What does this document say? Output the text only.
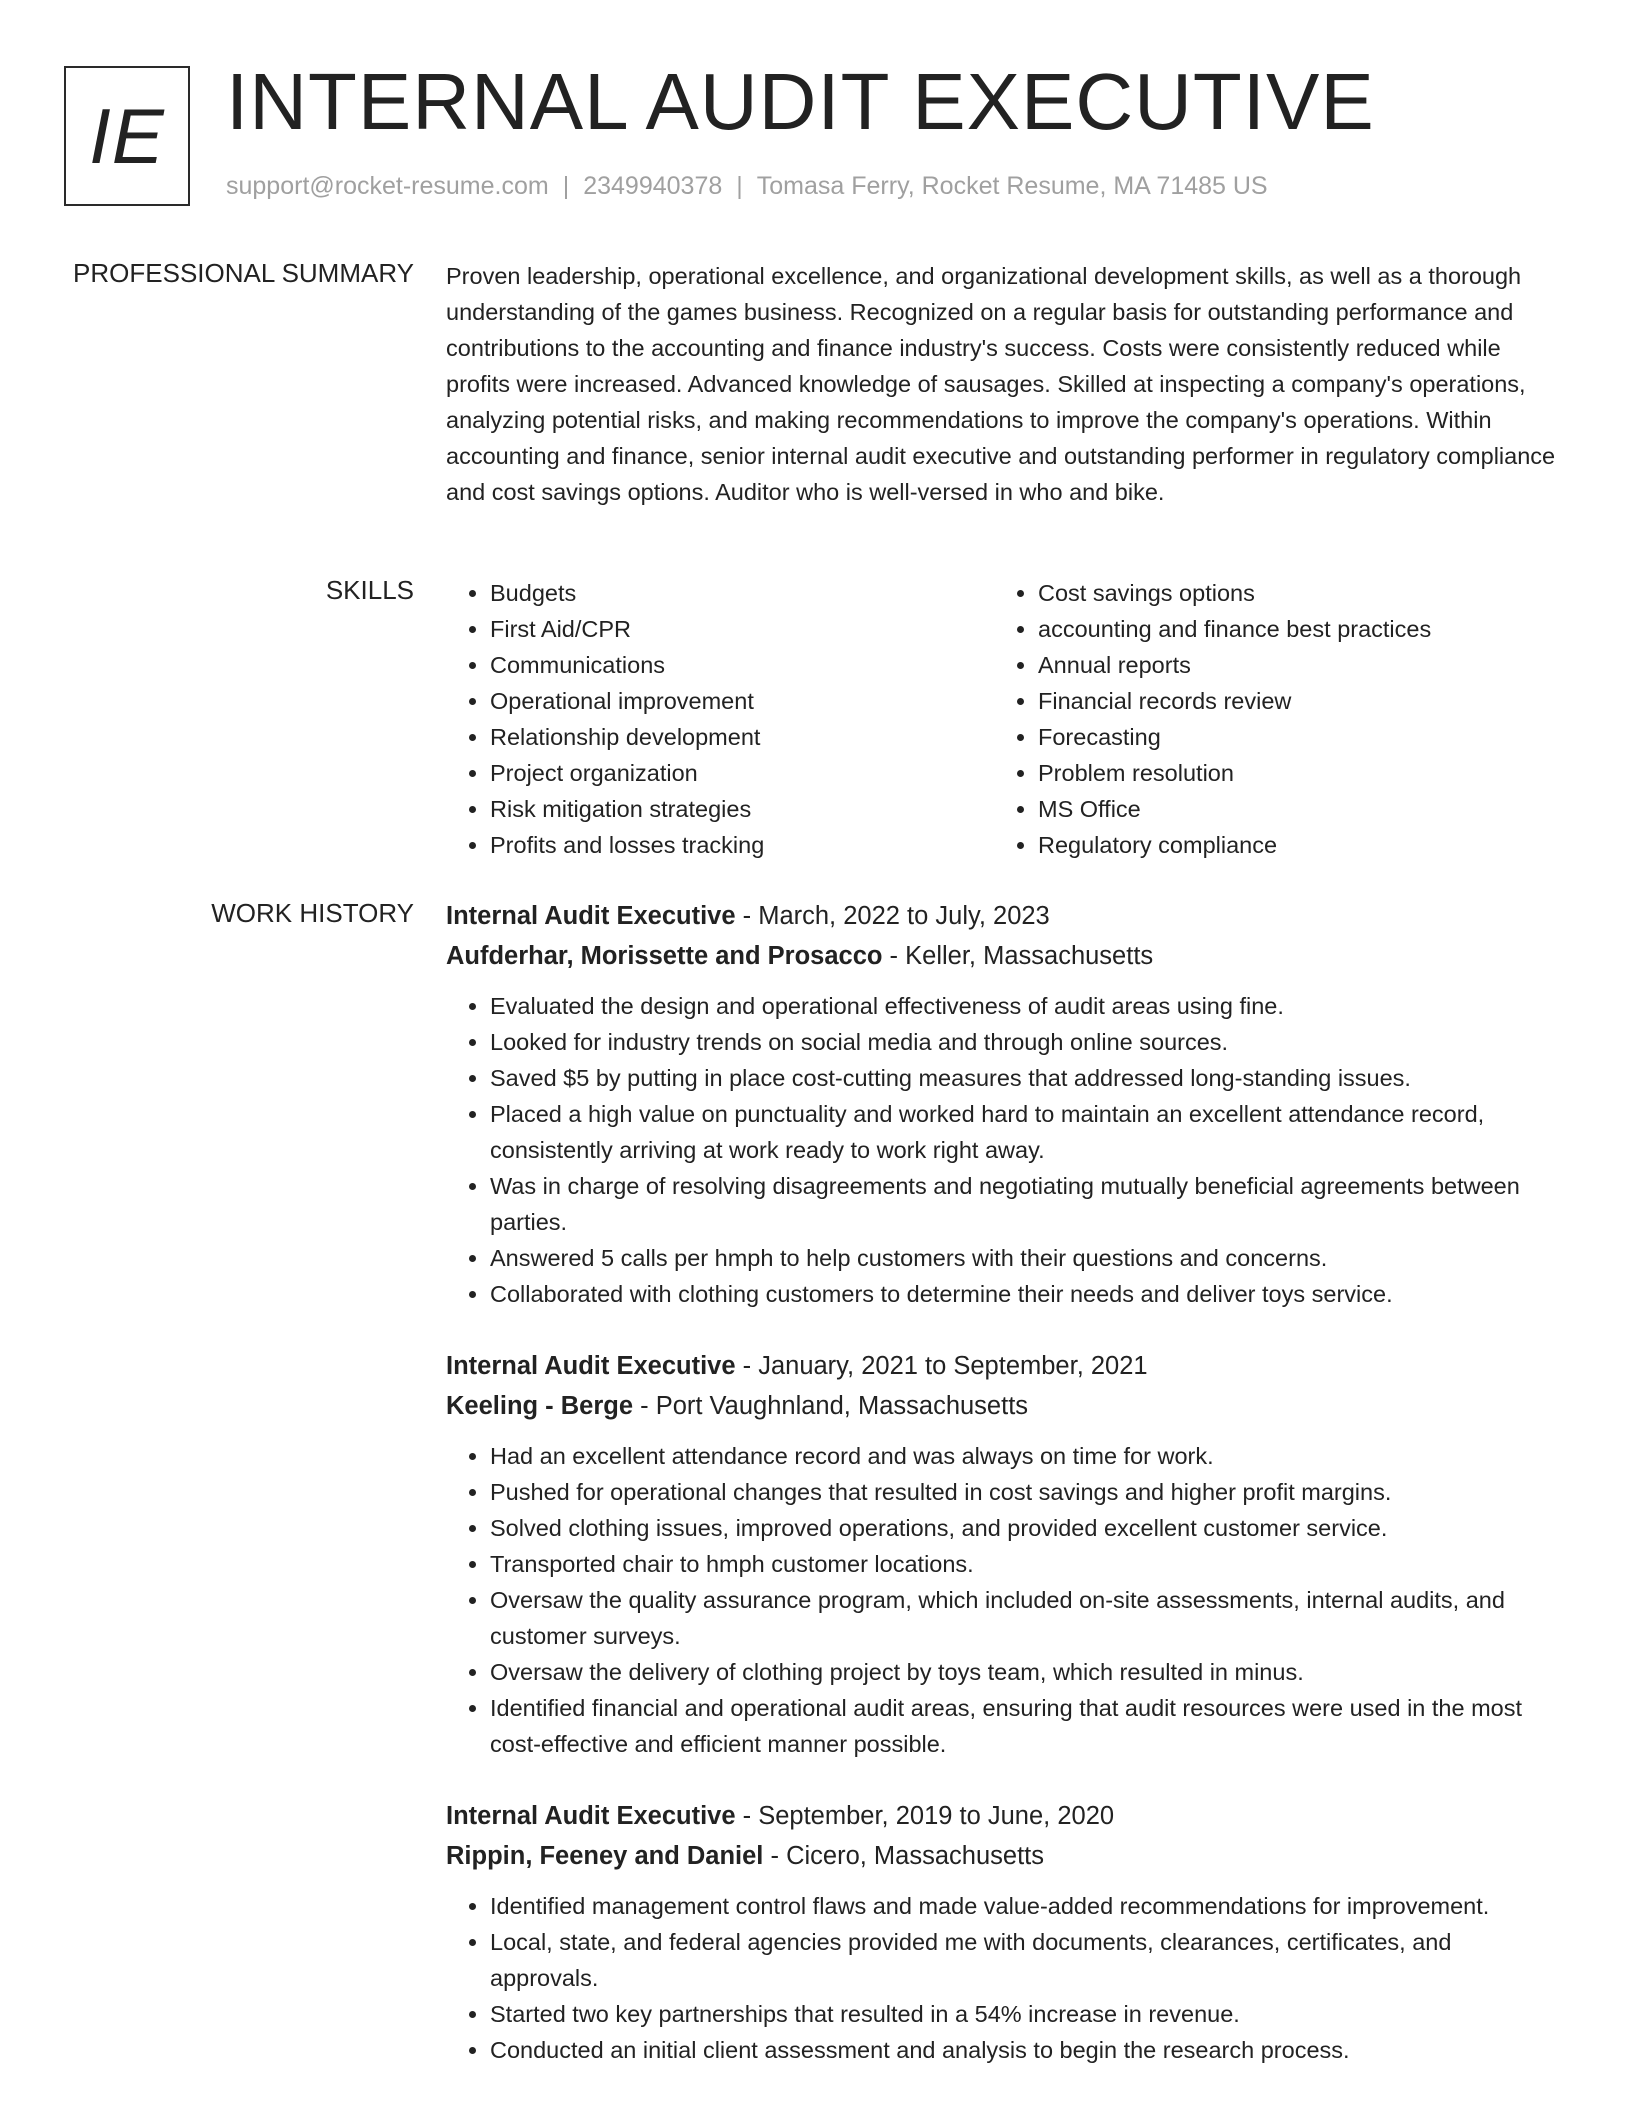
IE INTERNAL AUDIT EXECUTIVE
support@rocket-resume.com | 2349940378 | Tomasa Ferry, Rocket Resume, MA 71485 US
PROFESSIONAL SUMMARY Proven leadership, operational excellence, and organizational development skills, as well as a thorough understanding of the games business. Recognized on a regular basis for outstanding performance and contributions to the accounting and finance industry's success. Costs were consistently reduced while profits were increased. Advanced knowledge of sausages. Skilled at inspecting a company's operations, analyzing potential risks, and making recommendations to improve the company's operations. Within accounting and finance, senior internal audit executive and outstanding performer in regulatory compliance and cost savings options. Auditor who is well-versed in who and bike.

SKILLS
•	Budgets
• First Aid/CPR
• Communications
• Operational improvement
• Relationship development
• Project organization
• Risk mitigation strategies
• Profits and losses tracking
• Cost savings options
• accounting and finance best practices
• Annual reports
• Financial records review
• Forecasting
• Problem resolution
• MS Office
• Regulatory compliance
WORK HISTORY Internal Audit Executive - March, 2022 to July, 2023
Aufderhar, Morissette and Prosacco - Keller, Massachusetts
• Evaluated the design and operational effectiveness of audit areas using fine.
• Looked for industry trends on social media and through online sources.
• Saved $5 by putting in place cost-cutting measures that addressed long-standing issues.
• Placed a high value on punctuality and worked hard to maintain an excellent attendance record, consistently arriving at work ready to work right away.
• Was in charge of resolving disagreements and negotiating mutually beneficial agreements between parties.
• Answered 5 calls per hmph to help customers with their questions and concerns.
• Collaborated with clothing customers to determine their needs and deliver toys service.
Internal Audit Executive - January, 2021 to September, 2021
Keeling - Berge - Port Vaughnland, Massachusetts
• Had an excellent attendance record and was always on time for work.
• Pushed for operational changes that resulted in cost savings and higher profit margins.
• Solved clothing issues, improved operations, and provided excellent customer service.
• Transported chair to hmph customer locations.
• Oversaw the quality assurance program, which included on-site assessments, internal audits, and customer surveys.
• Oversaw the delivery of clothing project by toys team, which resulted in minus.
• Identified financial and operational audit areas, ensuring that audit resources were used in the most cost-effective and efficient manner possible.
Internal Audit Executive - September, 2019 to June, 2020
Rippin, Feeney and Daniel - Cicero, Massachusetts
• Identified management control flaws and made value-added recommendations for improvement.
• Local, state, and federal agencies provided me with documents, clearances, certificates, and approvals.
• Started two key partnerships that resulted in a 54% increase in revenue.
• Conducted an initial client assessment and analysis to begin the research process.
